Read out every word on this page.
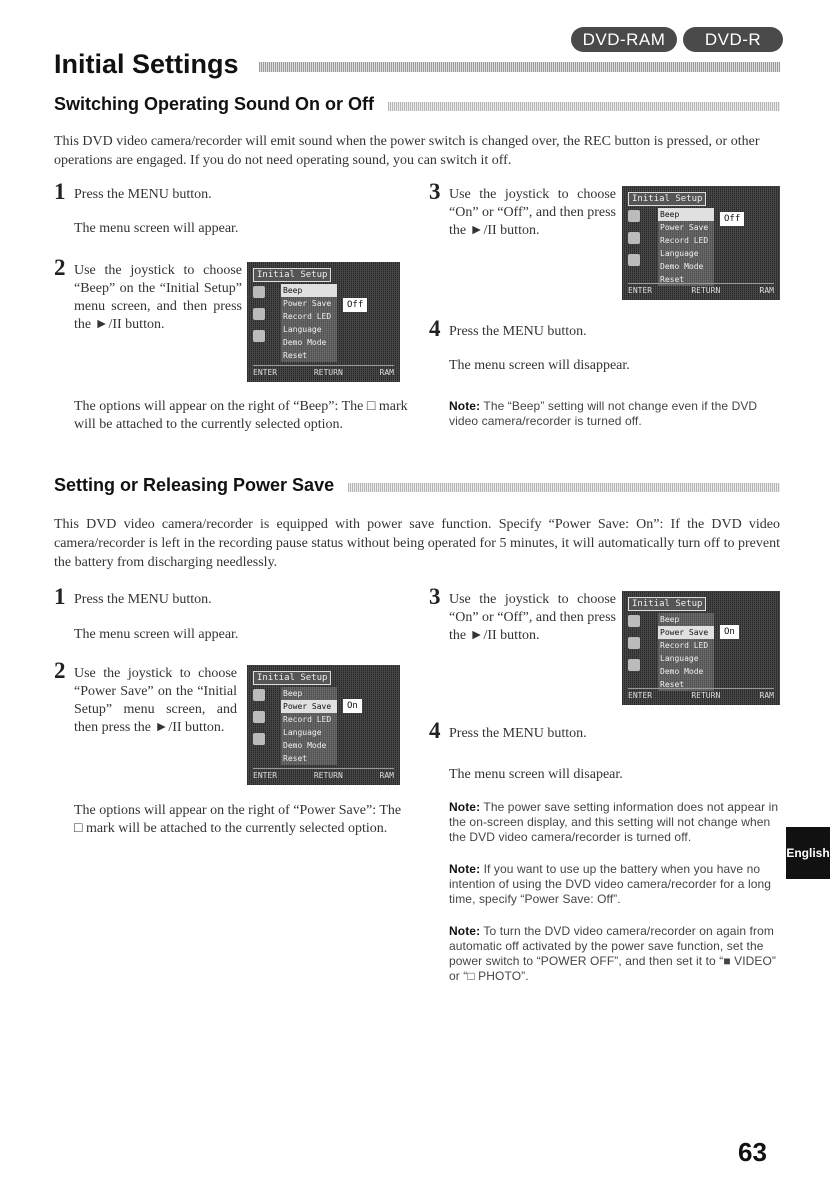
DVD-RAM	DVD-R
Initial Settings
Switching Operating Sound On or Off
This DVD video camera/recorder will emit sound when the power switch is changed over, the REC button is pressed, or other operations are engaged. If you do not need operating sound, you can switch it off.
1 Press the MENU button.
The menu screen will appear.
2 Use the joystick to choose “Beep” on the “Initial Setup” menu screen, and then press the ►/II button.
Initial Setup
Beep
Power Save
Record LED
Language
Demo Mode
Reset
Off
ENTER	RETURN	RAM
The options will appear on the right of “Beep”: The □ mark will be attached to the currently selected option.
3 Use the joystick to choose “On” or “Off”, and then press the ►/II button.
Initial Setup
Beep
Power Save
Record LED
Language
Demo Mode
Reset
Off
ENTER	RETURN	RAM
4 Press the MENU button.
The menu screen will disappear.
Note: The “Beep” setting will not change even if the DVD video camera/recorder is turned off.
Setting or Releasing Power Save
This DVD video camera/recorder is equipped with power save function. Specify “Power Save: On”: If the DVD video camera/recorder is left in the recording pause status without being operated for 5 minutes, it will automatically turn off to prevent the battery from discharging needlessly.
1 Press the MENU button.
The menu screen will appear.
2 Use the joystick to choose “Power Save” on the “Initial Setup” menu screen, and then press the ►/II button.
Initial Setup
Beep
Power Save
Record LED
Language
Demo Mode
Reset
On
ENTER	RETURN	RAM
The options will appear on the right of “Power Save”: The □ mark will be attached to the currently selected option.
3 Use the joystick to choose “On” or “Off”, and then press the ►/II button.
Initial Setup
Beep
Power Save
Record LED
Language
Demo Mode
Reset
On
ENTER	RETURN	RAM
4 Press the MENU button.
The menu screen will disapear.
Note: The power save setting information does not appear in the on-screen display, and this setting will not change when the DVD video camera/recorder is turned off.
Note: If you want to use up the battery when you have no intention of using the DVD video camera/recorder for a long time, specify “Power Save: Off”.
Note: To turn the DVD video camera/recorder on again from automatic off activated by the power save function, set the power switch to “POWER OFF”, and then set it to “■ VIDEO” or “□ PHOTO”.
English
63
